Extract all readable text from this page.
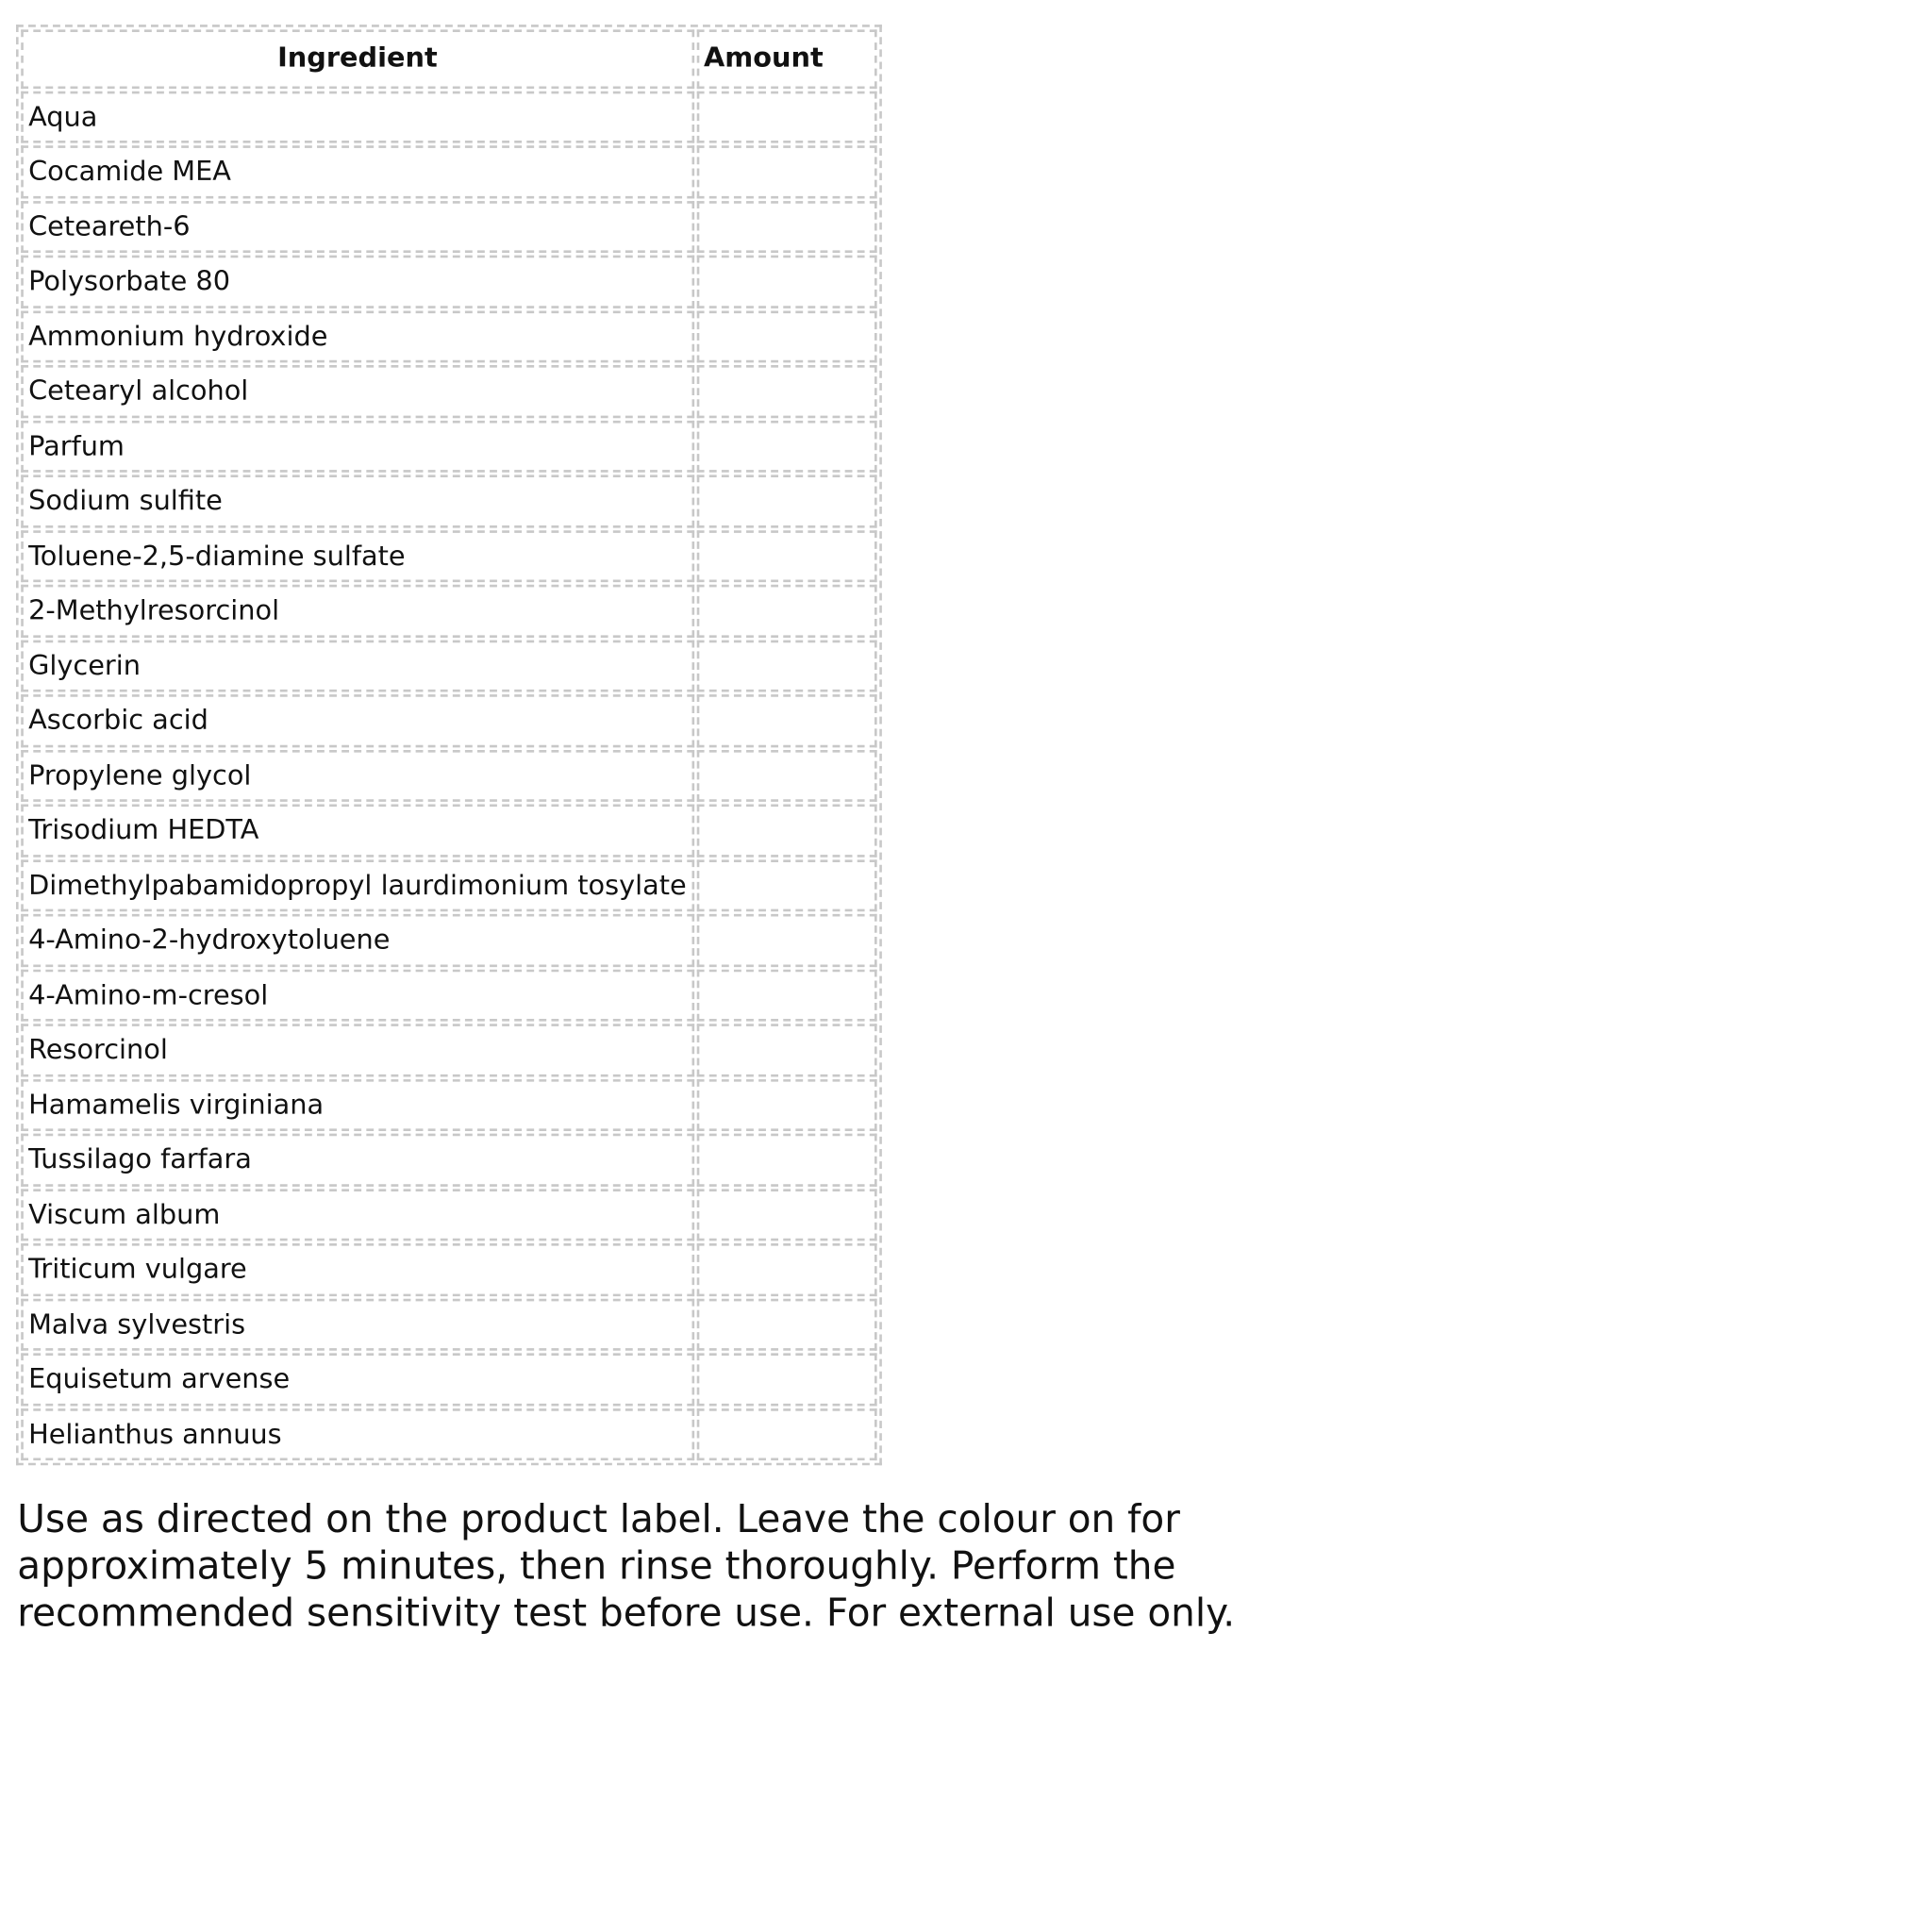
Ingredient	Amount
Aqua	
Cocamide MEA	
Ceteareth-6	
Polysorbate 80	
Ammonium hydroxide	
Cetearyl alcohol	
Parfum	
Sodium sulfite	
Toluene-2,5-diamine sulfate	
2-Methylresorcinol	
Glycerin	
Ascorbic acid	
Propylene glycol	
Trisodium HEDTA	
Dimethylpabamidopropyl laurdimonium tosylate	
4-Amino-2-hydroxytoluene	
4-Amino-m-cresol	
Resorcinol	
Hamamelis virginiana	
Tussilago farfara	
Viscum album	
Triticum vulgare	
Malva sylvestris	
Equisetum arvense	
Helianthus annuus	

Use as directed on the product label. Leave the colour on for approximately 5 minutes, then rinse thoroughly. Perform the recommended sensitivity test before use. For external use only.
